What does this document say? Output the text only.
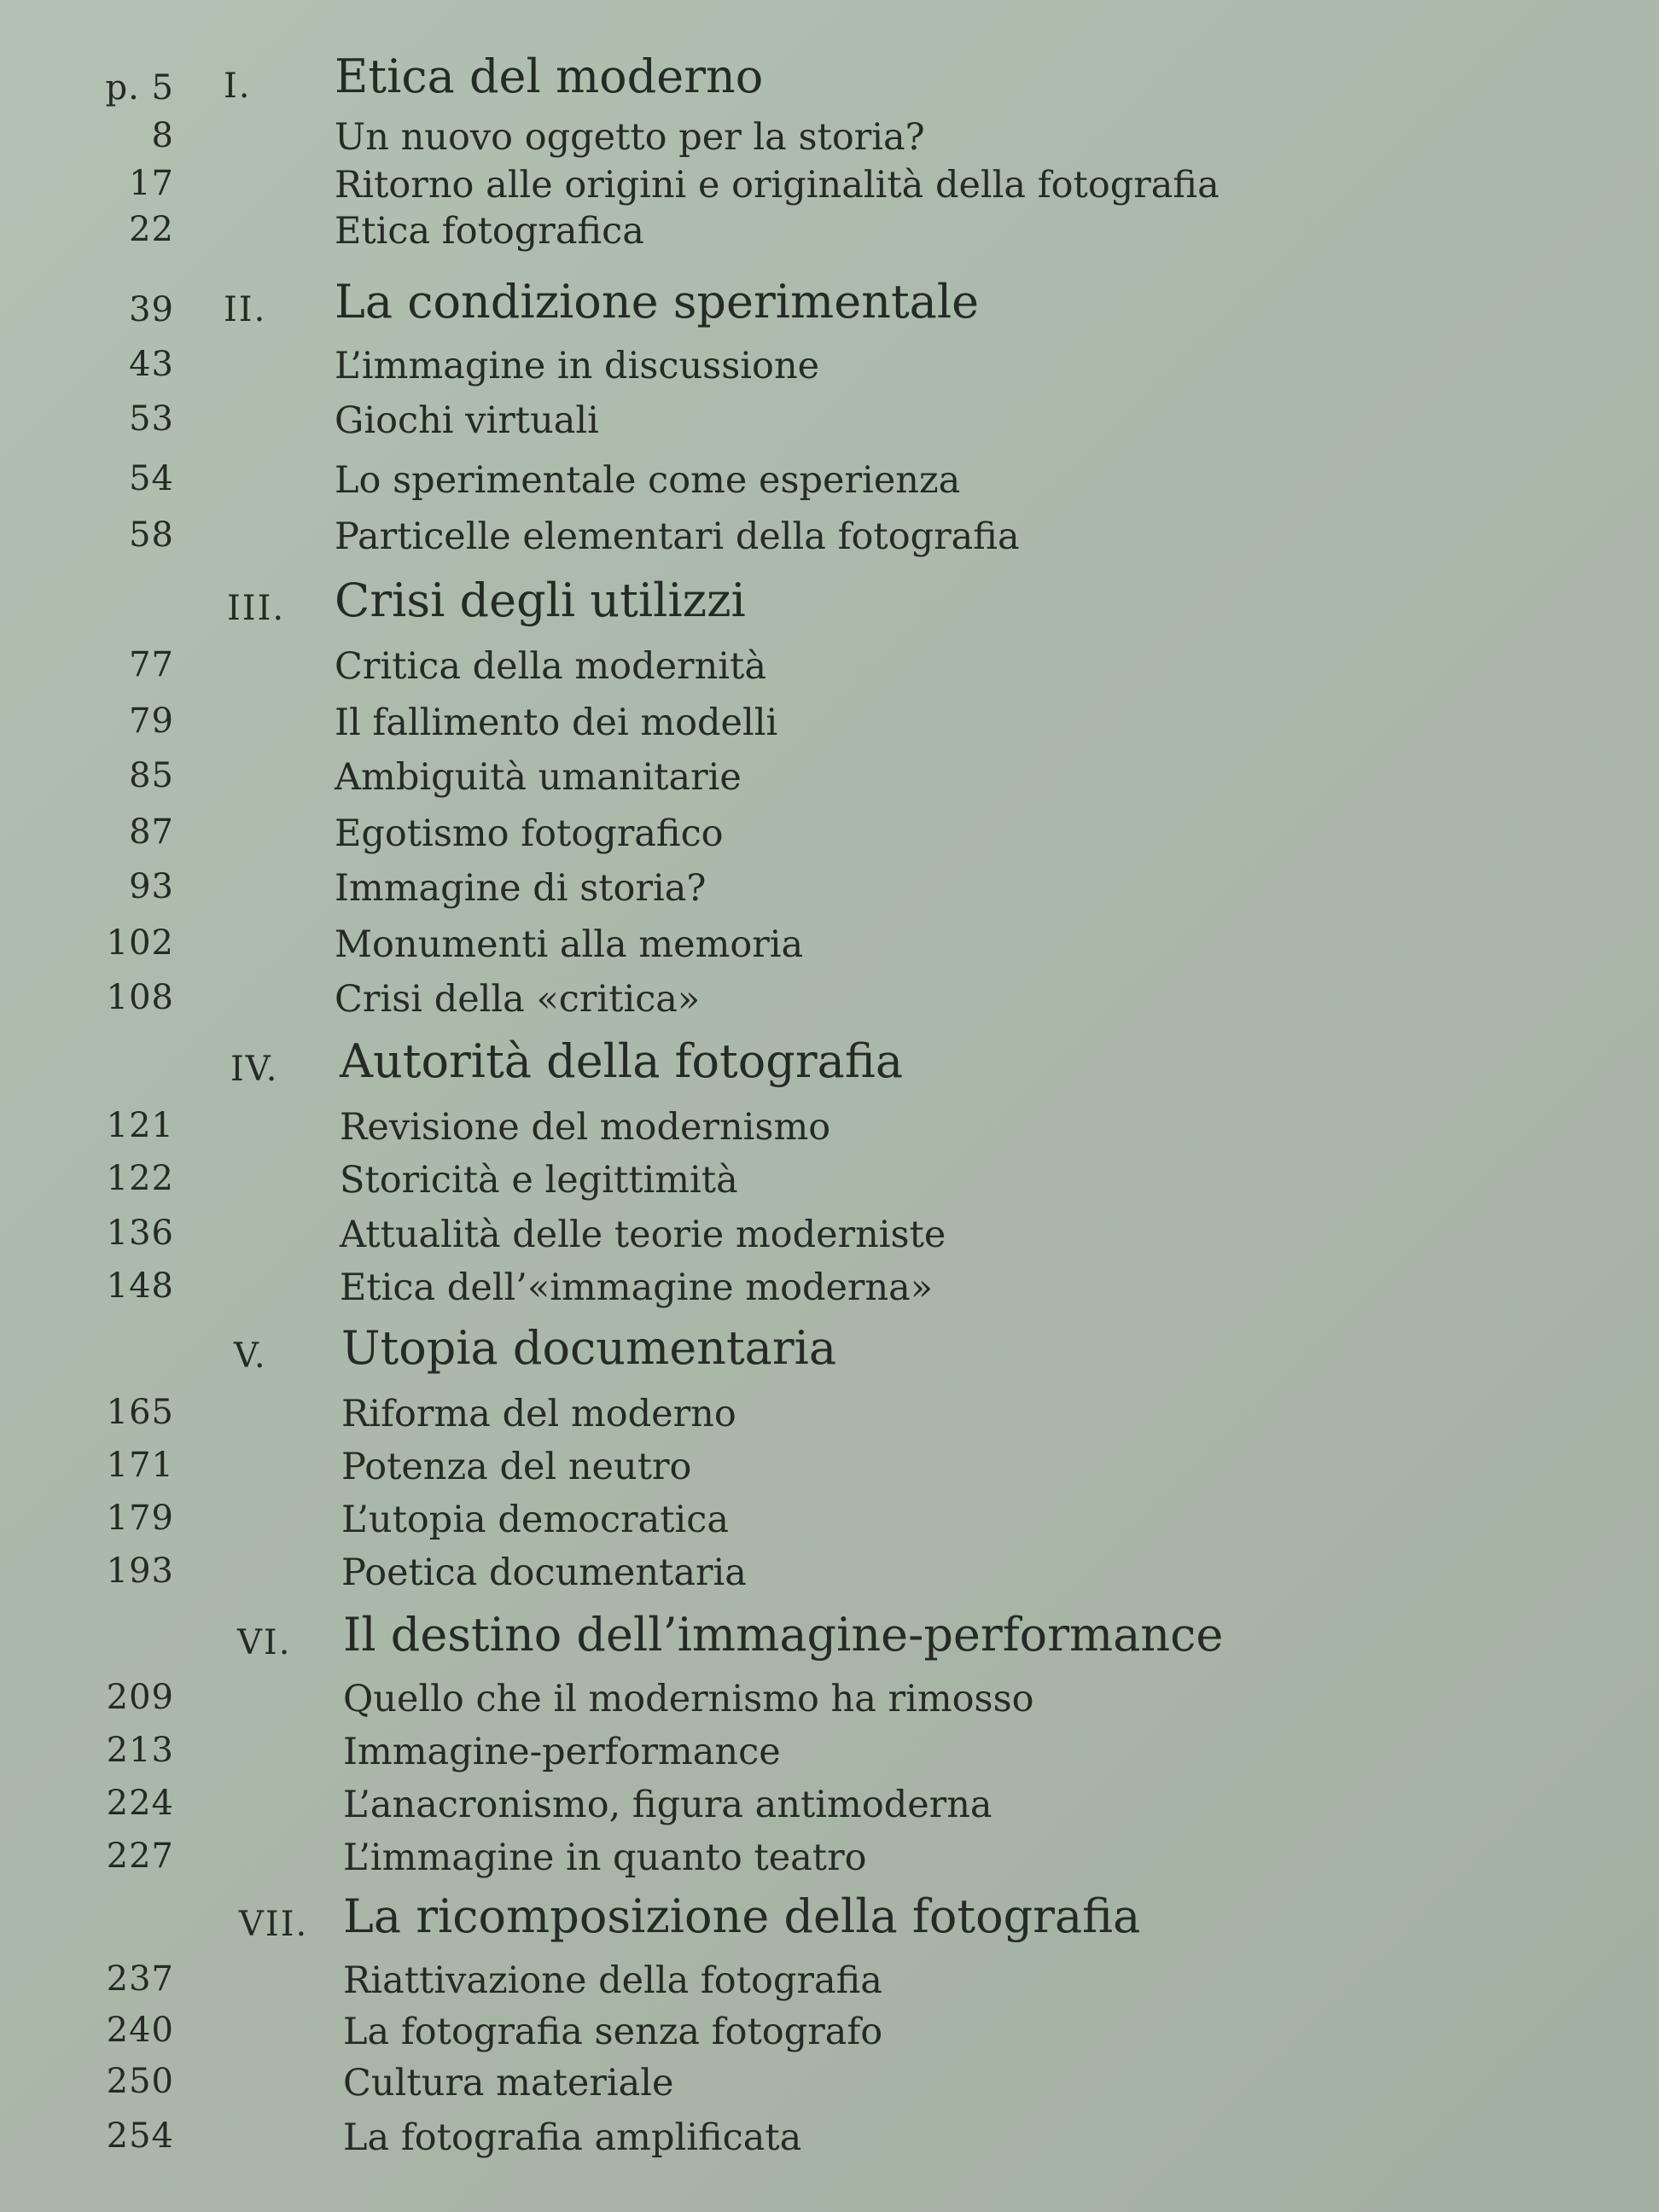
p. 5 I. Etica del moderno
8	Un nuovo oggetto per la storia?
17	Ritorno alle origini e originalità della fotografia
22	Etica fotografica
39 II. La condizione sperimentale
43	L’immagine in discussione
53	Giochi virtuali
54	Lo sperimentale come esperienza
58	Particelle elementari della fotografia
III. Crisi degli utilizzi
77	Critica della modernità
79	Il fallimento dei modelli
85	Ambiguità umanitarie
87	Egotismo fotografico
93	Immagine di storia?
102	Monumenti alla memoria
108	Crisi della «critica»
IV. Autorità della fotografia
121	Revisione del modernismo
122	Storicità e legittimità
136	Attualità delle teorie moderniste
148	Etica dell’«immagine moderna»
V. Utopia documentaria
165	Riforma del moderno
171	Potenza del neutro
179	L’utopia democratica
193	Poetica documentaria
VI. Il destino dell’immagine-performance
209	Quello che il modernismo ha rimosso
213	Immagine-performance
224	L’anacronismo, figura antimoderna
227	L’immagine in quanto teatro
VII. La ricomposizione della fotografia
237	Riattivazione della fotografia
240	La fotografia senza fotografo
250	Cultura materiale
254	La fotografia amplificata
